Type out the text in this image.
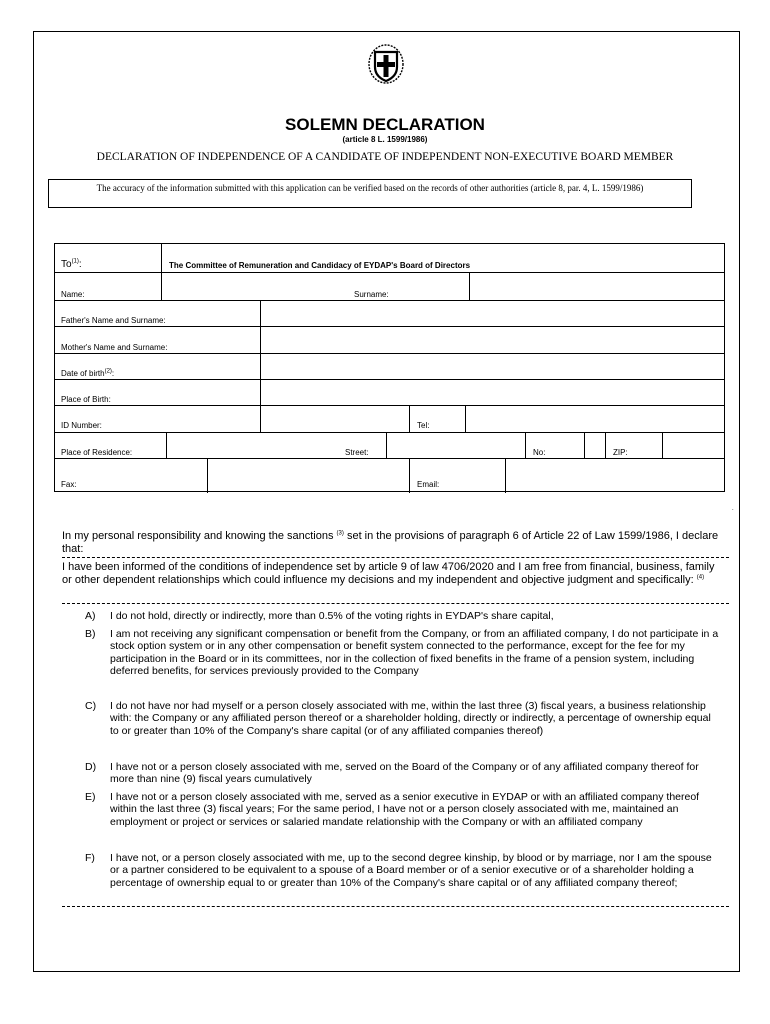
SOLEMN DECLARATION
(article 8 L. 1599/1986)
DECLARATION OF INDEPENDENCE OF A CANDIDATE OF INDEPENDENT NON-EXECUTIVE BOARD MEMBER
The accuracy of the information submitted with this application can be verified based on the records of other authorities (article 8, par. 4, L. 1599/1986)
To$^{(1)}$:	The Committee of Remuneration and Candidacy of EYDAP's Board of Directors
Name:	Surname:
Father's Name and Surname:
Mother's Name and Surname:
Date of birth$^{(2)}$:
Place of Birth:
ID Number:	Tel:
Place of Residence:	Street:	No:	ZIP:
Fax:	Email:
.
In my personal responsibility and knowing the sanctions $^{(3)}$ set in the provisions of paragraph 6 of Article 22 of Law 1599/1986, I declare that:
I have been informed of the conditions of independence set by article 9 of law 4706/2020 and I am free from financial, business, family or other dependent relationships which could influence my decisions and my independent and objective judgment and specifically: $^{(4)}$
A) I do not hold, directly or indirectly, more than 0.5% of the voting rights in EYDAP's share capital,
B) I am not receiving any significant compensation or benefit from the Company, or from an affiliated company, I do not participate in a stock option system or in any other compensation or benefit system connected to the performance, except for the fee for my participation in the Board or in its committees, nor in the collection of fixed benefits in the frame of a pension system, including deferred benefits, for services previously provided to the Company
C) I do not have nor had myself or a person closely associated with me, within the last three (3) fiscal years, a business relationship with: the Company or any affiliated person thereof or a shareholder holding, directly or indirectly, a percentage of ownership equal to or greater than 10% of the Company's share capital (or of any affiliated companies thereof)
D) I have not or a person closely associated with me, served on the Board of the Company or of any affiliated company thereof for more than nine (9) fiscal years cumulatively
E) I have not or a person closely associated with me, served as a senior executive in EYDAP or with an affiliated company thereof within the last three (3) fiscal years; For the same period, I have not or a person closely associated with me, maintained an employment or project or services or salaried mandate relationship with the Company or with an affiliated company
F) I have not, or a person closely associated with me, up to the second degree kinship, by blood or by marriage, nor I am the spouse or a partner considered to be equivalent to a spouse of a Board member or of a senior executive or of a shareholder holding a percentage of ownership equal to or greater than 10% of the Company's share capital or of any affiliated company thereof;
